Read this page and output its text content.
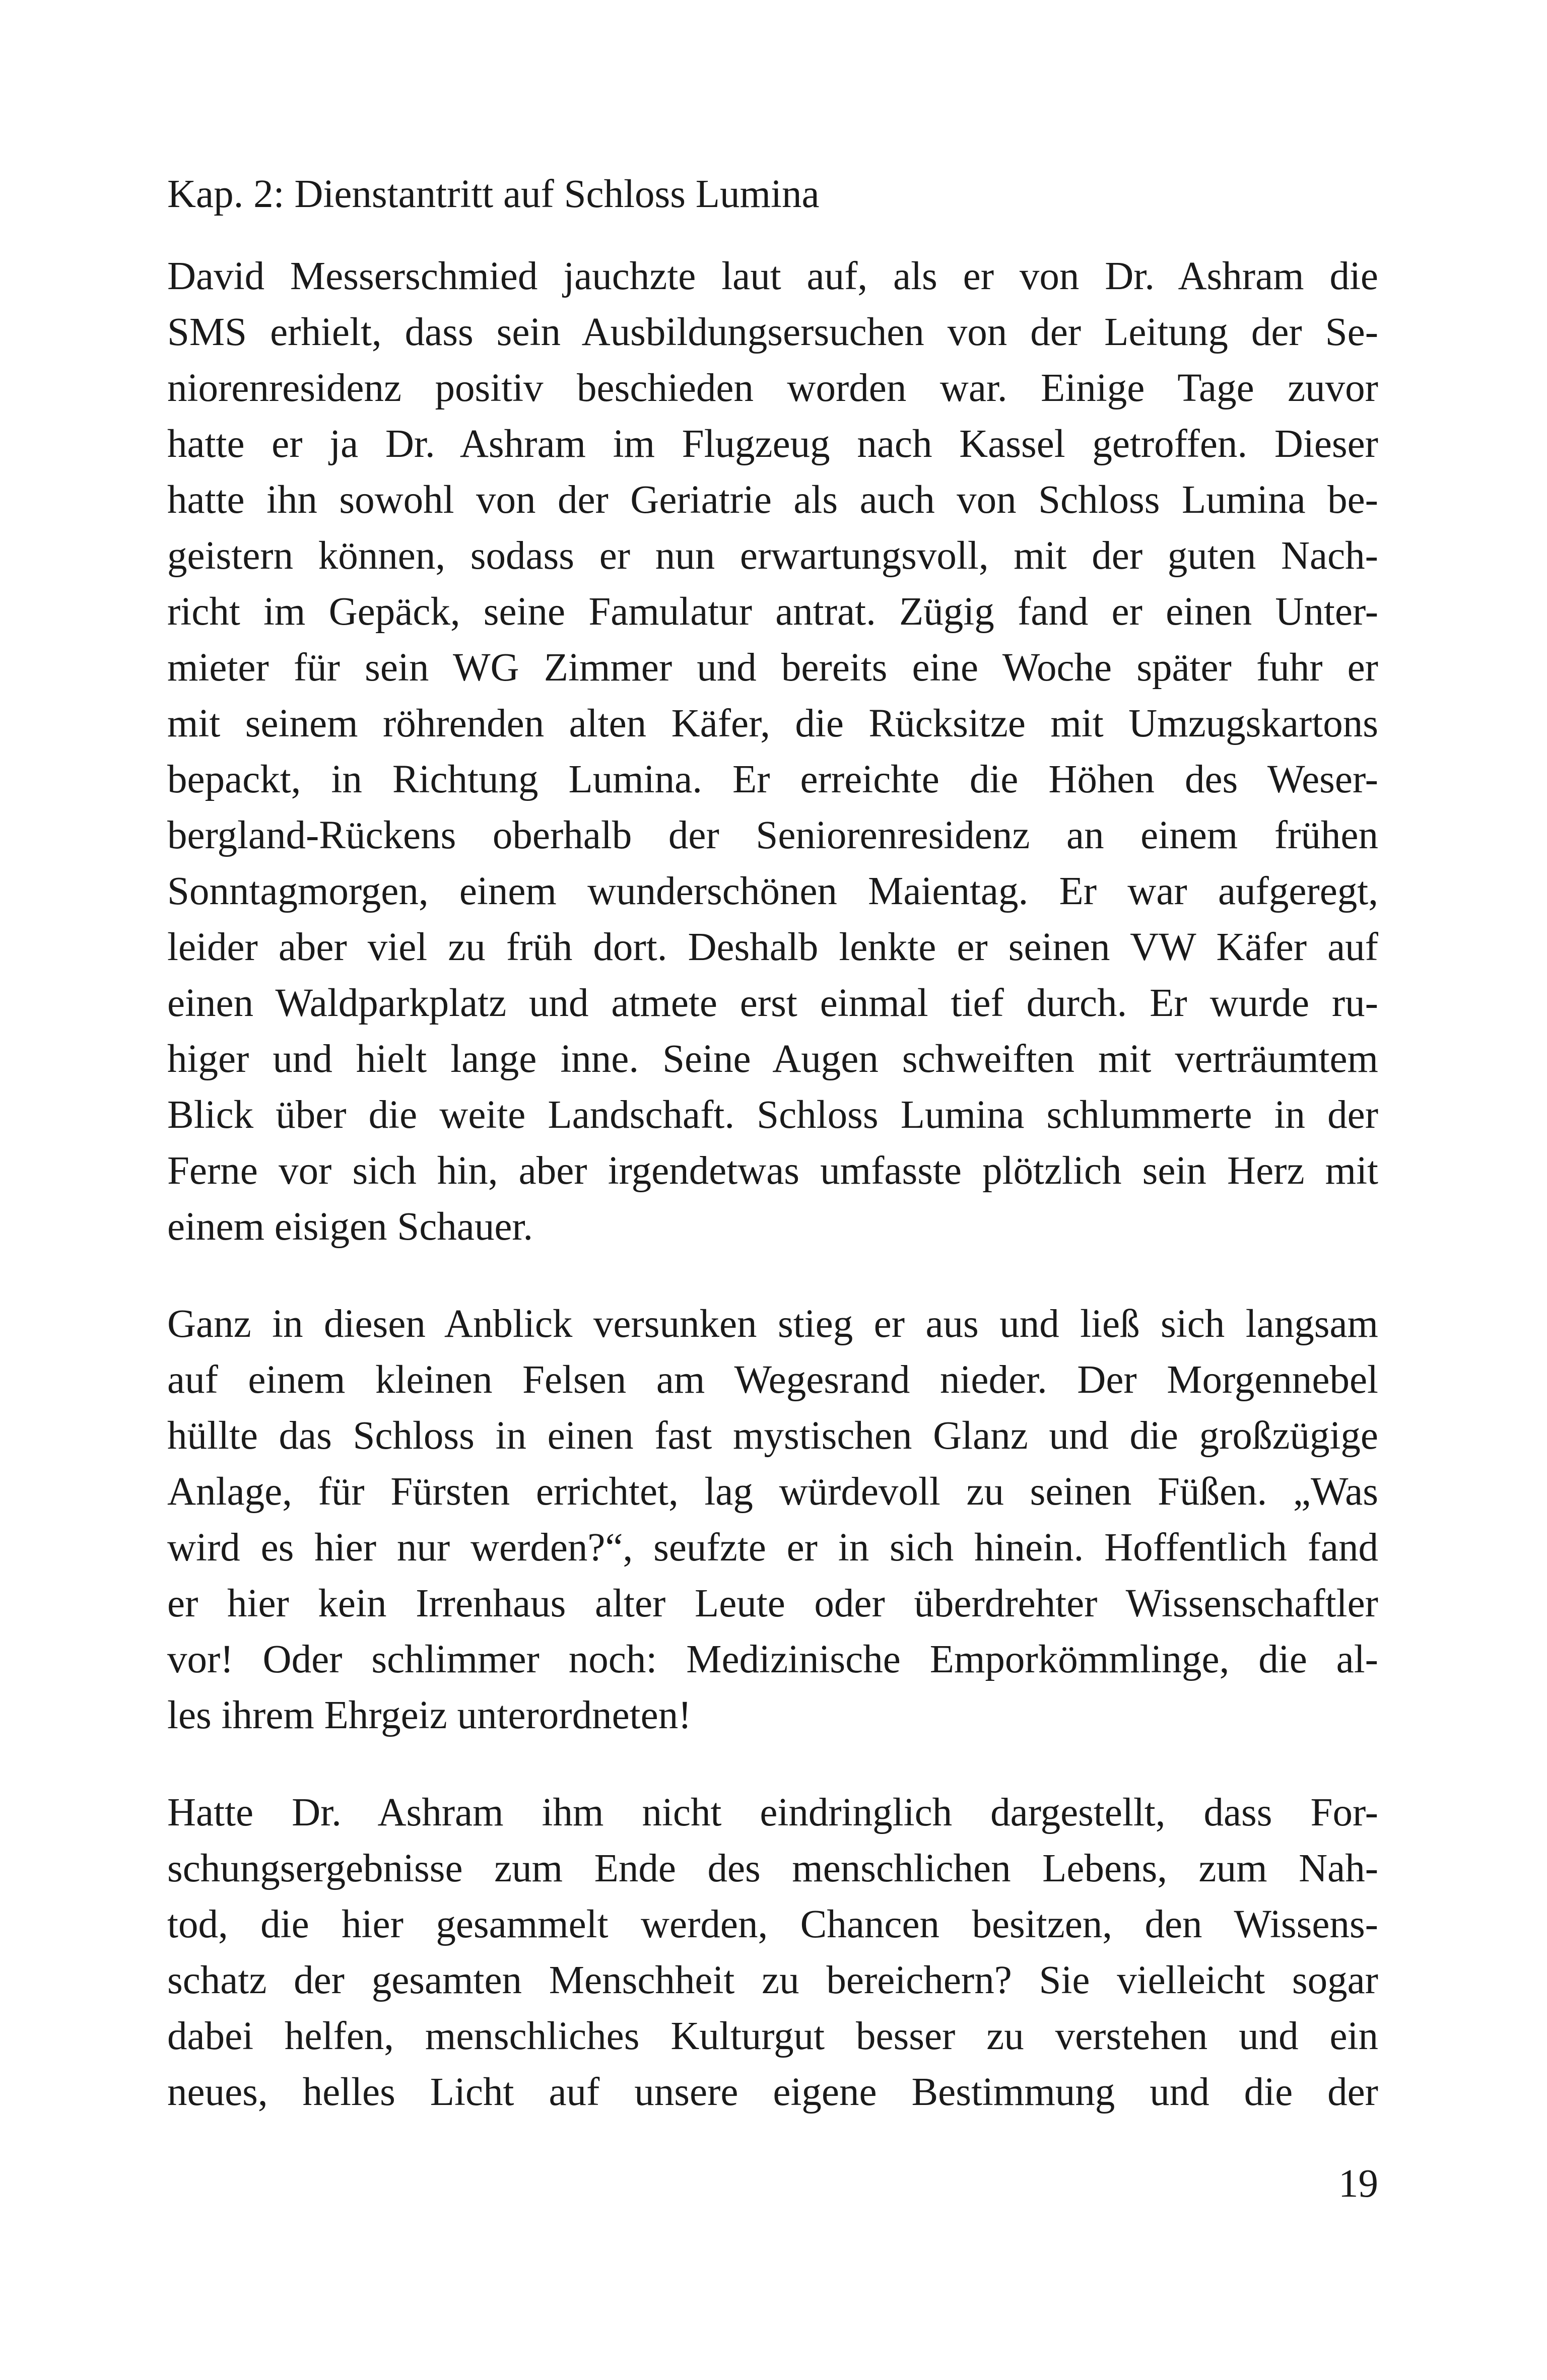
Kap. 2: Dienstantritt auf Schloss Lumina

David Messerschmied jauchzte laut auf, als er von Dr. Ashram die
SMS erhielt, dass sein Ausbildungsersuchen von der Leitung der Se-
niorenresidenz positiv beschieden worden war. Einige Tage zuvor
hatte er ja Dr. Ashram im Flugzeug nach Kassel getroffen. Dieser
hatte ihn sowohl von der Geriatrie als auch von Schloss Lumina be-
geistern können, sodass er nun erwartungsvoll, mit der guten Nach-
richt im Gepäck, seine Famulatur antrat. Zügig fand er einen Unter-
mieter für sein WG Zimmer und bereits eine Woche später fuhr er
mit seinem röhrenden alten Käfer, die Rücksitze mit Umzugskartons
bepackt, in Richtung Lumina. Er erreichte die Höhen des Weser-
bergland-Rückens oberhalb der Seniorenresidenz an einem frühen
Sonntagmorgen, einem wunderschönen Maientag. Er war aufgeregt,
leider aber viel zu früh dort. Deshalb lenkte er seinen VW Käfer auf
einen Waldparkplatz und atmete erst einmal tief durch. Er wurde ru-
higer und hielt lange inne. Seine Augen schweiften mit verträumtem
Blick über die weite Landschaft. Schloss Lumina schlummerte in der
Ferne vor sich hin, aber irgendetwas umfasste plötzlich sein Herz mit
einem eisigen Schauer.

Ganz in diesen Anblick versunken stieg er aus und ließ sich langsam
auf einem kleinen Felsen am Wegesrand nieder. Der Morgennebel
hüllte das Schloss in einen fast mystischen Glanz und die großzügige
Anlage, für Fürsten errichtet, lag würdevoll zu seinen Füßen. „Was
wird es hier nur werden?“, seufzte er in sich hinein. Hoffentlich fand
er hier kein Irrenhaus alter Leute oder überdrehter Wissenschaftler
vor! Oder schlimmer noch: Medizinische Emporkömmlinge, die al-
les ihrem Ehrgeiz unterordneten!

Hatte Dr. Ashram ihm nicht eindringlich dargestellt, dass For-
schungsergebnisse zum Ende des menschlichen Lebens, zum Nah-
tod, die hier gesammelt werden, Chancen besitzen, den Wissens-
schatz der gesamten Menschheit zu bereichern? Sie vielleicht sogar
dabei helfen, menschliches Kulturgut besser zu verstehen und ein
neues, helles Licht auf unsere eigene Bestimmung und die der

19
